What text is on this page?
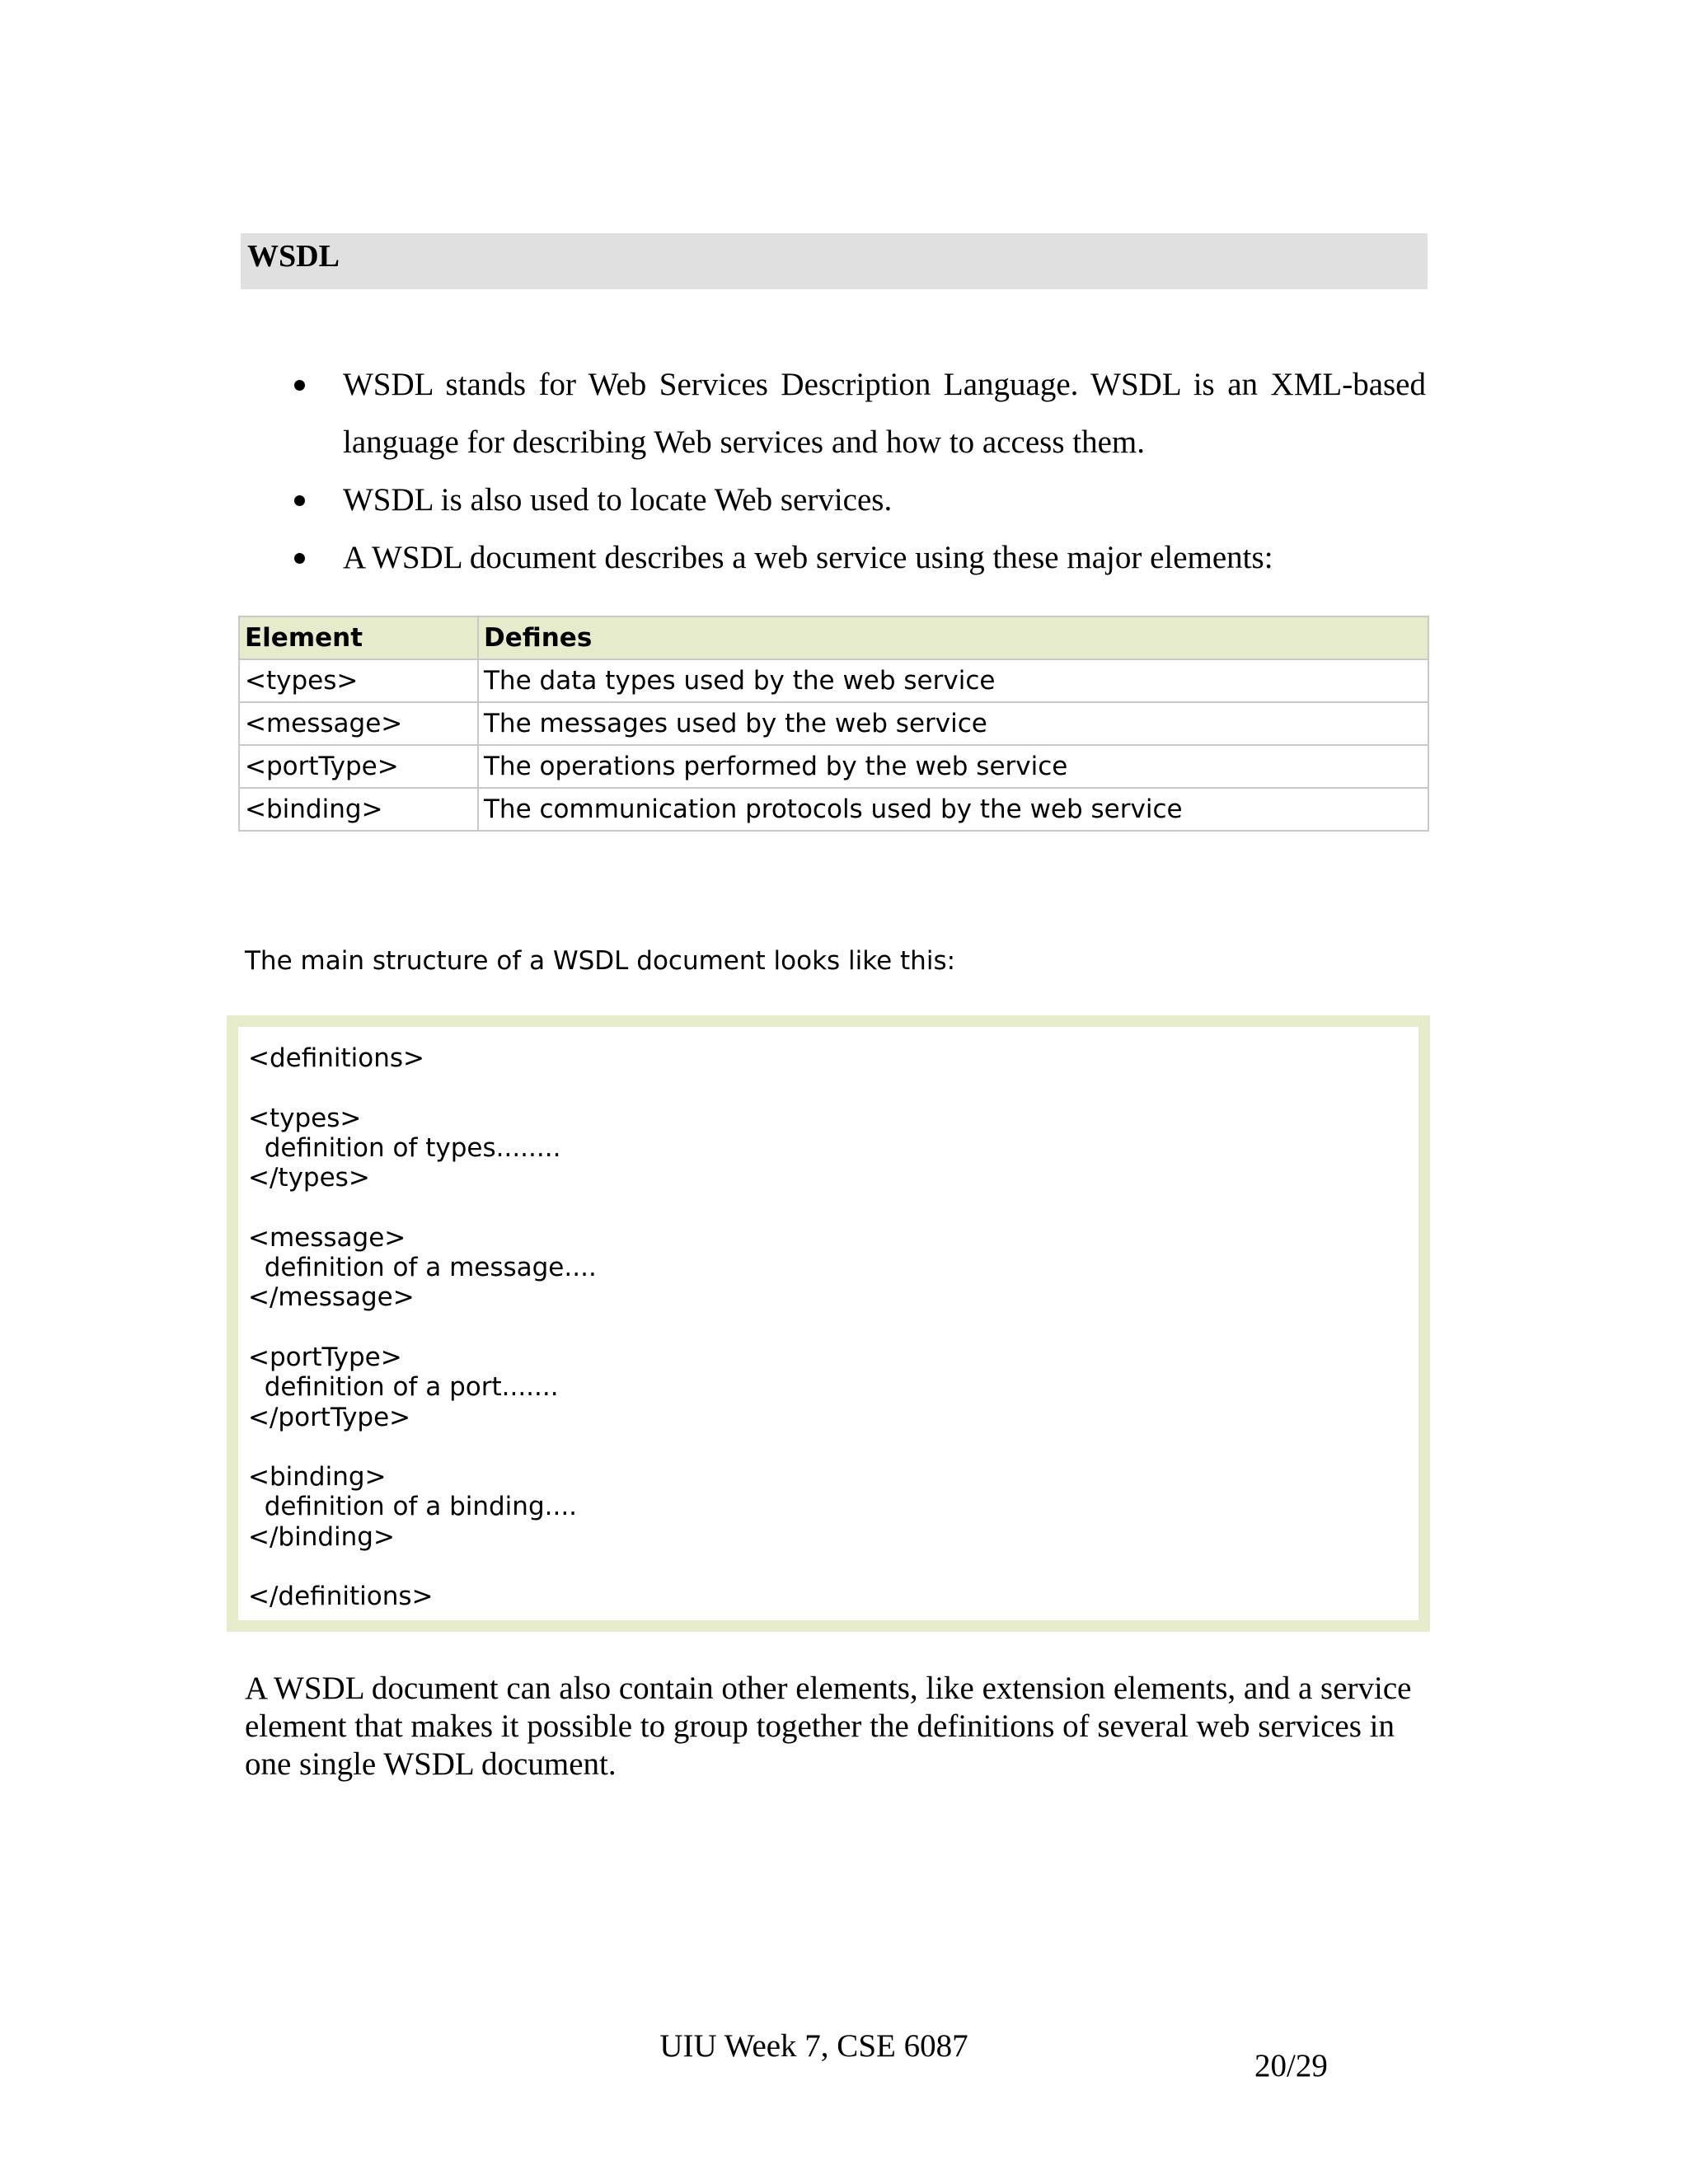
WSDL
WSDL stands for Web Services Description Language. WSDL is an XML-based language for describing Web services and how to access them.
WSDL is also used to locate Web services.
A WSDL document describes a web service using these major elements:
Element	Defines
<types>	The data types used by the web service
<message>	The messages used by the web service
<portType>	The operations performed by the web service
<binding>	The communication protocols used by the web service
The main structure of a WSDL document looks like this:
<definitions>
<types>
definition of types........
</types>
<message>
definition of a message....
</message>
<portType>
definition of a port.......
</portType>
<binding>
definition of a binding....
</binding>
</definitions>
A WSDL document can also contain other elements, like extension elements, and a service element that makes it possible to group together the definitions of several web services in one single WSDL document.
UIU Week 7, CSE 6087
20/29
